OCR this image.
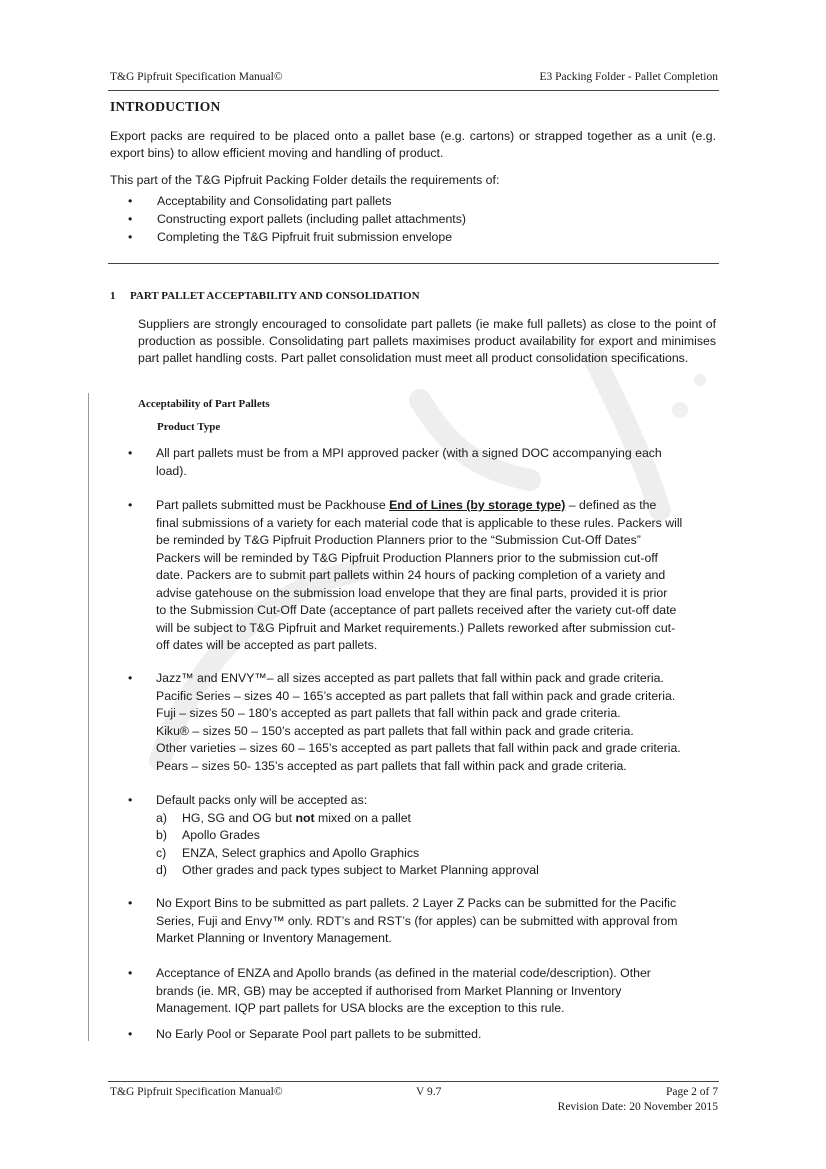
T&G Pipfruit Specification Manual©	E3 Packing Folder - Pallet Completion
INTRODUCTION
Export packs are required to be placed onto a pallet base (e.g. cartons) or strapped together as a unit (e.g. export bins) to allow efficient moving and handling of product.
This part of the T&G Pipfruit Packing Folder details the requirements of:
• Acceptability and Consolidating part pallets
• Constructing export pallets (including pallet attachments)
• Completing the T&G Pipfruit fruit submission envelope
1 PART PALLET ACCEPTABILITY AND CONSOLIDATION
Suppliers are strongly encouraged to consolidate part pallets (ie make full pallets) as close to the point of production as possible. Consolidating part pallets maximises product availability for export and minimises part pallet handling costs. Part pallet consolidation must meet all product consolidation specifications.
Acceptability of Part Pallets
Product Type
• All part pallets must be from a MPI approved packer (with a signed DOC accompanying each
load).
• Part pallets submitted must be Packhouse End of Lines (by storage type) – defined as the
final submissions of a variety for each material code that is applicable to these rules. Packers will
be reminded by T&G Pipfruit Production Planners prior to the “Submission Cut-Off Dates”
Packers will be reminded by T&G Pipfruit Production Planners prior to the submission cut-off
date. Packers are to submit part pallets within 24 hours of packing completion of a variety and
advise gatehouse on the submission load envelope that they are final parts, provided it is prior
to the Submission Cut-Off Date (acceptance of part pallets received after the variety cut-off date
will be subject to T&G Pipfruit and Market requirements.) Pallets reworked after submission cut-
off dates will be accepted as part pallets.
• Jazz™ and ENVY™– all sizes accepted as part pallets that fall within pack and grade criteria.
Pacific Series – sizes 40 – 165’s accepted as part pallets that fall within pack and grade criteria.
Fuji – sizes 50 – 180’s accepted as part pallets that fall within pack and grade criteria.
Kiku® – sizes 50 – 150’s accepted as part pallets that fall within pack and grade criteria.
Other varieties – sizes 60 – 165’s accepted as part pallets that fall within pack and grade criteria.
Pears – sizes 50- 135’s accepted as part pallets that fall within pack and grade criteria.
• Default packs only will be accepted as:
a) HG, SG and OG but not mixed on a pallet
b) Apollo Grades
c) ENZA, Select graphics and Apollo Graphics
d) Other grades and pack types subject to Market Planning approval
• No Export Bins to be submitted as part pallets. 2 Layer Z Packs can be submitted for the Pacific
Series, Fuji and Envy™ only. RDT’s and RST’s (for apples) can be submitted with approval from
Market Planning or Inventory Management.
• Acceptance of ENZA and Apollo brands (as defined in the material code/description). Other
brands (ie. MR, GB) may be accepted if authorised from Market Planning or Inventory
Management. IQP part pallets for USA blocks are the exception to this rule.
• No Early Pool or Separate Pool part pallets to be submitted.
T&G Pipfruit Specification Manual©	V 9.7	Page 2 of 7
Revision Date: 20 November 2015
